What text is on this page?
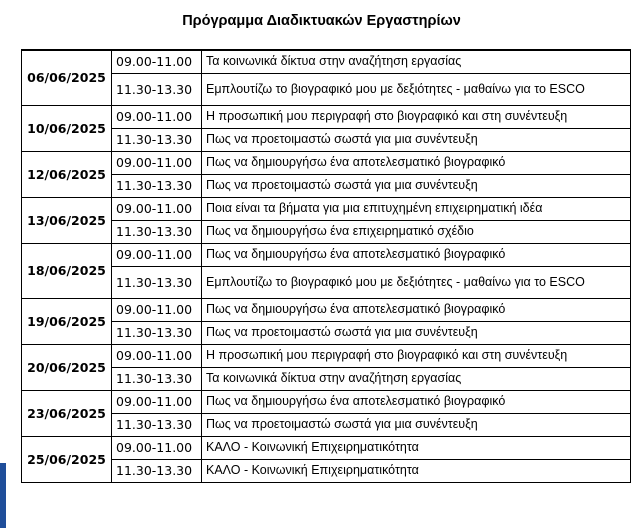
Πρόγραμμα Διαδικτυακών Εργαστηρίων
06/06/2025	09.00-11.00	Τα κοινωνικά δίκτυα στην αναζήτηση εργασίας
	11.30-13.30	Εμπλουτίζω το βιογραφικό μου με δεξιότητες - μαθαίνω για το ESCO
10/06/2025	09.00-11.00	Η προσωπική μου περιγραφή στο βιογραφικό και στη συνέντευξη
	11.30-13.30	Πως να προετοιμαστώ σωστά για μια συνέντευξη
12/06/2025	09.00-11.00	Πως να δημιουργήσω ένα αποτελεσματικό βιογραφικό
	11.30-13.30	Πως να προετοιμαστώ σωστά για μια συνέντευξη
13/06/2025	09.00-11.00	Ποια είναι τα βήματα για μια επιτυχημένη επιχειρηματική ιδέα
	11.30-13.30	Πως να δημιουργήσω ένα επιχειρηματικό σχέδιο
18/06/2025	09.00-11.00	Πως να δημιουργήσω ένα αποτελεσματικό βιογραφικό
	11.30-13.30	Εμπλουτίζω το βιογραφικό μου με δεξιότητες - μαθαίνω για το ESCO
19/06/2025	09.00-11.00	Πως να δημιουργήσω ένα αποτελεσματικό βιογραφικό
	11.30-13.30	Πως να προετοιμαστώ σωστά για μια συνέντευξη
20/06/2025	09.00-11.00	Η προσωπική μου περιγραφή στο βιογραφικό και στη συνέντευξη
	11.30-13.30	Τα κοινωνικά δίκτυα στην αναζήτηση εργασίας
23/06/2025	09.00-11.00	Πως να δημιουργήσω ένα αποτελεσματικό βιογραφικό
	11.30-13.30	Πως να προετοιμαστώ σωστά για μια συνέντευξη
25/06/2025	09.00-11.00	ΚΑΛΟ - Κοινωνική Επιχειρηματικότητα
	11.30-13.30	ΚΑΛΟ - Κοινωνική Επιχειρηματικότητα
